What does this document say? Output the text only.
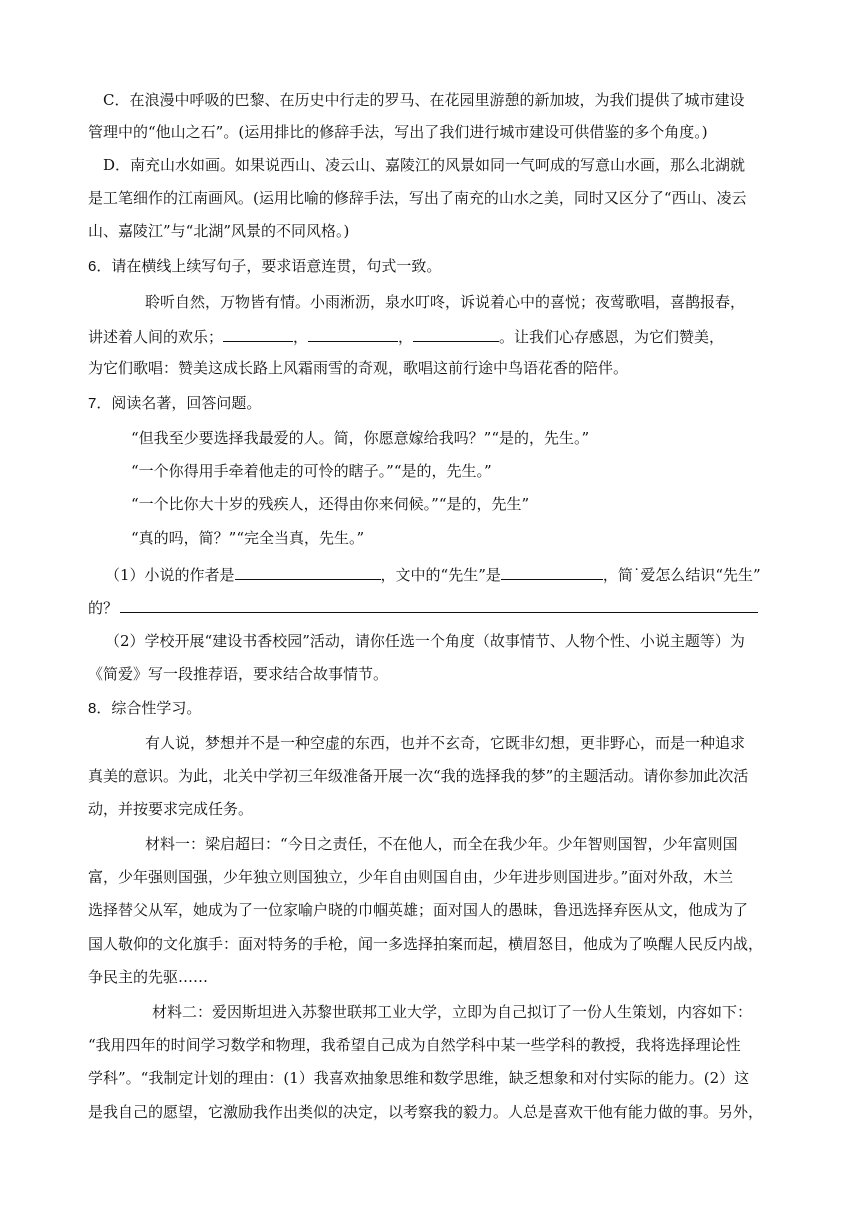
C．在浪漫中呼吸的巴黎、在历史中行走的罗马、在花园里游憩的新加坡，为我们提供了城市建设
管理中的“他山之石”。(运用排比的修辞手法，写出了我们进行城市建设可供借鉴的多个角度。)
D．南充山水如画。如果说西山、凌云山、嘉陵江的风景如同一气呵成的写意山水画，那么北湖就
是工笔细作的江南画风。(运用比喻的修辞手法，写出了南充的山水之美，同时又区分了“西山、凌云
山、嘉陵江”与“北湖”风景的不同风格。)
6．请在横线上续写句子，要求语意连贯，句式一致。
聆听自然，万物皆有情。小雨淅沥，泉水叮咚，诉说着心中的喜悦；夜莺歌唱，喜鹊报春，
讲述着人间的欢乐；	，	，	。让我们心存感恩，为它们赞美，
为它们歌唱：赞美这成长路上风霜雨雪的奇观，歌唱这前行途中鸟语花香的陪伴。
7．阅读名著，回答问题。
“但我至少要选择我最爱的人。简，你愿意嫁给我吗？”“是的，先生。”
“一个你得用手牵着他走的可怜的瞎子。”“是的，先生。”
“一个比你大十岁的残疾人，还得由你来伺候。”“是的，先生”
“真的吗，简？”“完全当真，先生。”
（1）小说的作者是	，文中的“先生”是	，简˙爱怎么结识“先生”
的？
（2）学校开展“建设书香校园”活动，请你任选一个角度（故事情节、人物个性、小说主题等）为
《简爱》写一段推荐语，要求结合故事情节。
8．综合性学习。
有人说，梦想并不是一种空虚的东西，也并不玄奇，它既非幻想，更非野心，而是一种追求
真美的意识。为此，北关中学初三年级准备开展一次“我的选择我的梦”的主题活动。请你参加此次活
动，并按要求完成任务。
材料一：梁启超曰：“今日之责任，不在他人，而全在我少年。少年智则国智，少年富则国
富，少年强则国强，少年独立则国独立，少年自由则国自由，少年进步则国进步。”面对外敌，木兰
选择替父从军，她成为了一位家喻户晓的巾帼英雄；面对国人的愚昧，鲁迅选择弃医从文，他成为了
国人敬仰的文化旗手：面对特务的手枪，闻一多选择拍案而起，横眉怒目，他成为了唤醒人民反内战，
争民主的先驱……
材料二：爱因斯坦进入苏黎世联邦工业大学，立即为自己拟订了一份人生策划，内容如下：
“我用四年的时间学习数学和物理，我希望自己成为自然学科中某一些学科的教授，我将选择理论性
学科”。“我制定计划的理由：(1）我喜欢抽象思维和数学思维，缺乏想象和对付实际的能力。(2）这
是我自己的愿望，它激励我作出类似的决定，以考察我的毅力。人总是喜欢干他有能力做的事。另外，
